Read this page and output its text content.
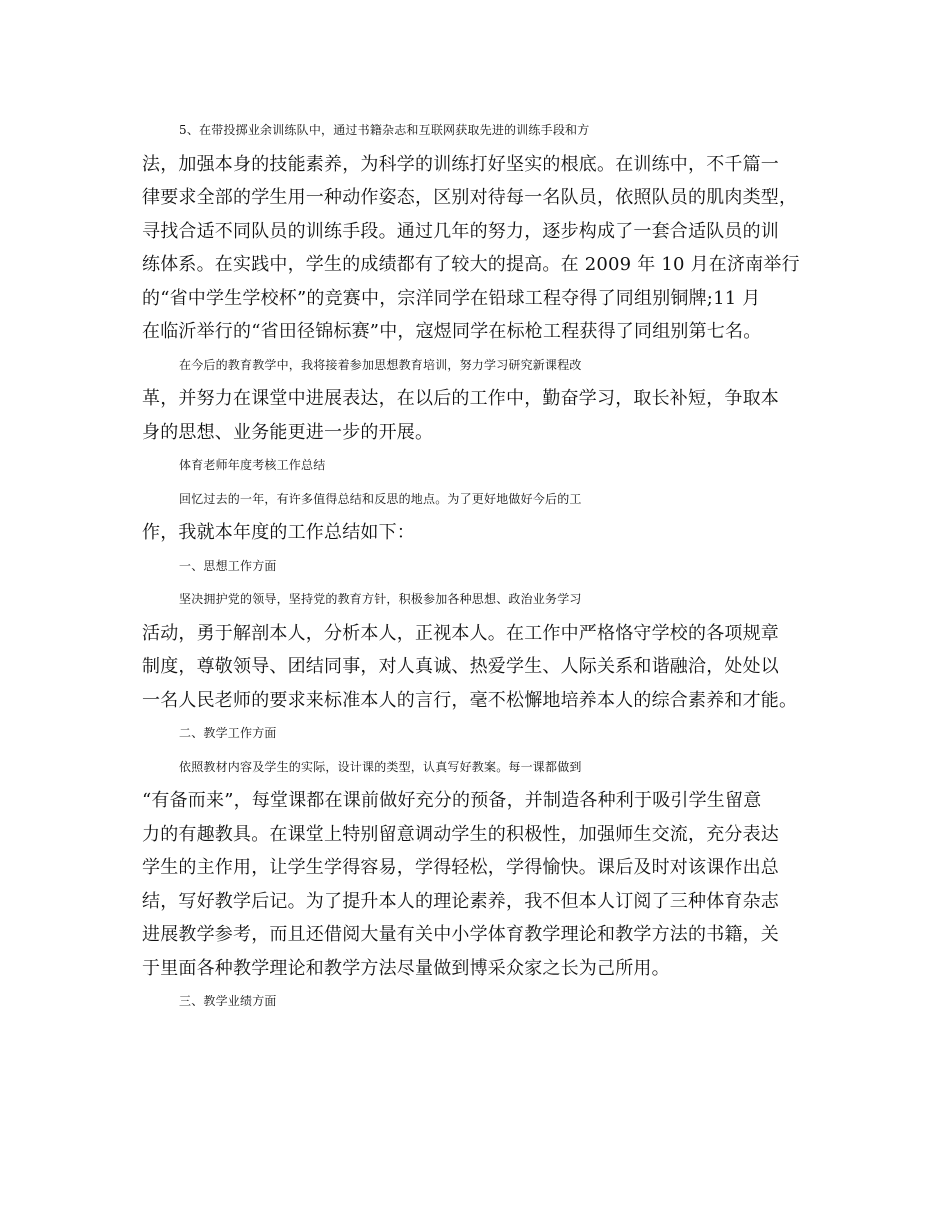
5、在带投掷业余训练队中，通过书籍杂志和互联网获取先进的训练手段和方
法，加强本身的技能素养，为科学的训练打好坚实的根底。在训练中，不千篇一
律要求全部的学生用一种动作姿态，区别对待每一名队员，依照队员的肌肉类型，
寻找合适不同队员的训练手段。通过几年的努力，逐步构成了一套合适队员的训
练体系。在实践中，学生的成绩都有了较大的提高。在 2009 年 10 月在济南举行
的“省中学生学校杯”的竞赛中，宗洋同学在铅球工程夺得了同组别铜牌;11 月
在临沂举行的“省田径锦标赛”中，寇煜同学在标枪工程获得了同组别第七名。
在今后的教育教学中，我将接着参加思想教育培训，努力学习研究新课程改
革，并努力在课堂中进展表达，在以后的工作中，勤奋学习，取长补短，争取本
身的思想、业务能更进一步的开展。
体育老师年度考核工作总结
回忆过去的一年，有许多值得总结和反思的地点。为了更好地做好今后的工
作，我就本年度的工作总结如下：
一、思想工作方面
坚决拥护党的领导，坚持党的教育方针，积极参加各种思想、政治业务学习
活动，勇于解剖本人，分析本人，正视本人。在工作中严格恪守学校的各项规章
制度，尊敬领导、团结同事，对人真诚、热爱学生、人际关系和谐融洽，处处以
一名人民老师的要求来标准本人的言行，毫不松懈地培养本人的综合素养和才能。
二、教学工作方面
依照教材内容及学生的实际，设计课的类型，认真写好教案。每一课都做到
“有备而来”，每堂课都在课前做好充分的预备，并制造各种利于吸引学生留意
力的有趣教具。在课堂上特别留意调动学生的积极性，加强师生交流，充分表达
学生的主作用，让学生学得容易，学得轻松，学得愉快。课后及时对该课作出总
结，写好教学后记。为了提升本人的理论素养，我不但本人订阅了三种体育杂志
进展教学参考，而且还借阅大量有关中小学体育教学理论和教学方法的书籍，关
于里面各种教学理论和教学方法尽量做到博采众家之长为己所用。
三、教学业绩方面
